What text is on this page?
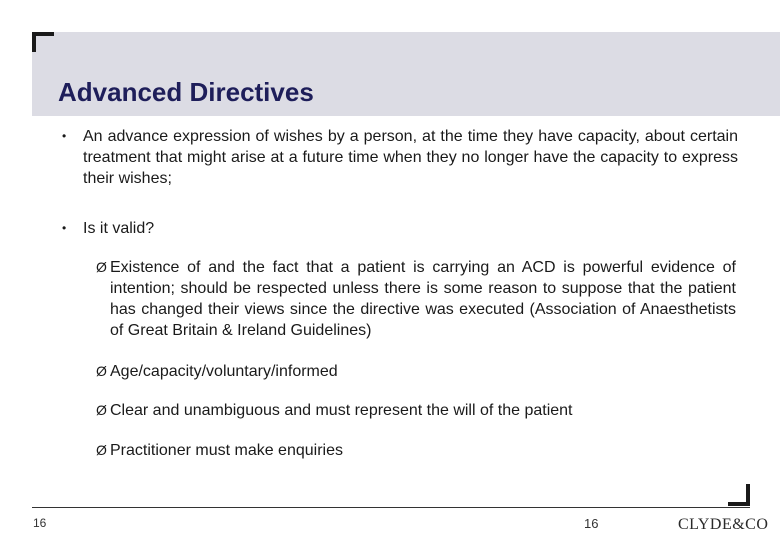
Advanced Directives
•	An advance expression of wishes by a person, at the time they have capacity, about certain treatment that might arise at a future time when they no longer have the capacity to express their wishes;
•	Is it valid?
Ø Existence of and the fact that a patient is carrying an ACD is powerful evidence of intention; should be respected unless there is some reason to suppose that the patient has changed their views since the directive was executed (Association of Anaesthetists of Great Britain & Ireland Guidelines)
Ø Age/capacity/voluntary/informed
Ø Clear and unambiguous and must represent the will of the patient
Ø Practitioner must make enquiries
16	16	CLYDE&CO
